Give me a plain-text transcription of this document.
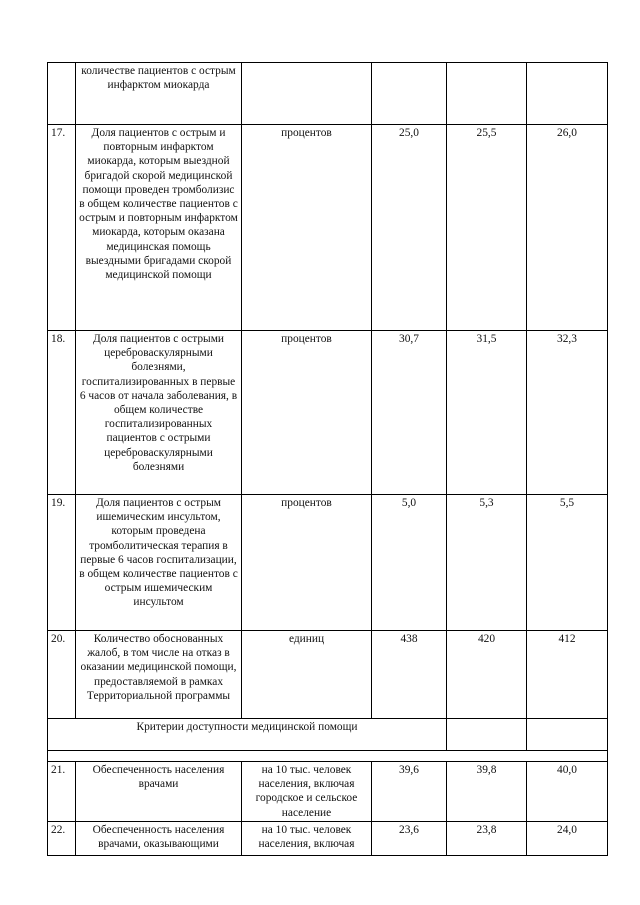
	количестве пациентов с острым инфарктом миокарда				
17.	Доля пациентов с острым и повторным инфарктом миокарда, которым выездной бригадой скорой медицинской помощи проведен тромболизис в общем количестве пациентов с острым и повторным инфарктом миокарда, которым оказана медицинская помощь выездными бригадами скорой медицинской помощи	процентов	25,0	25,5	26,0
18.	Доля пациентов с острыми цереброваскулярными болезнями, госпитализированных в первые 6 часов от начала заболевания, в общем количестве госпитализированных пациентов с острыми цереброваскулярными болезнями	процентов	30,7	31,5	32,3
19.	Доля пациентов с острым ишемическим инсультом, которым проведена тромболитическая терапия в первые 6 часов госпитализации, в общем количестве пациентов с острым ишемическим инсультом	процентов	5,0	5,3	5,5
20.	Количество обоснованных жалоб, в том числе на отказ в оказании медицинской помощи, предоставляемой в рамках Территориальной программы	единиц	438	420	412
Критерии доступности медицинской помощи					

21.	Обеспеченность населения врачами	на 10 тыс. человек населения, включая городское и сельское население	39,6	39,8	40,0
22.	Обеспеченность населения врачами, оказывающими	на 10 тыс. человек населения, включая	23,6	23,8	24,0
